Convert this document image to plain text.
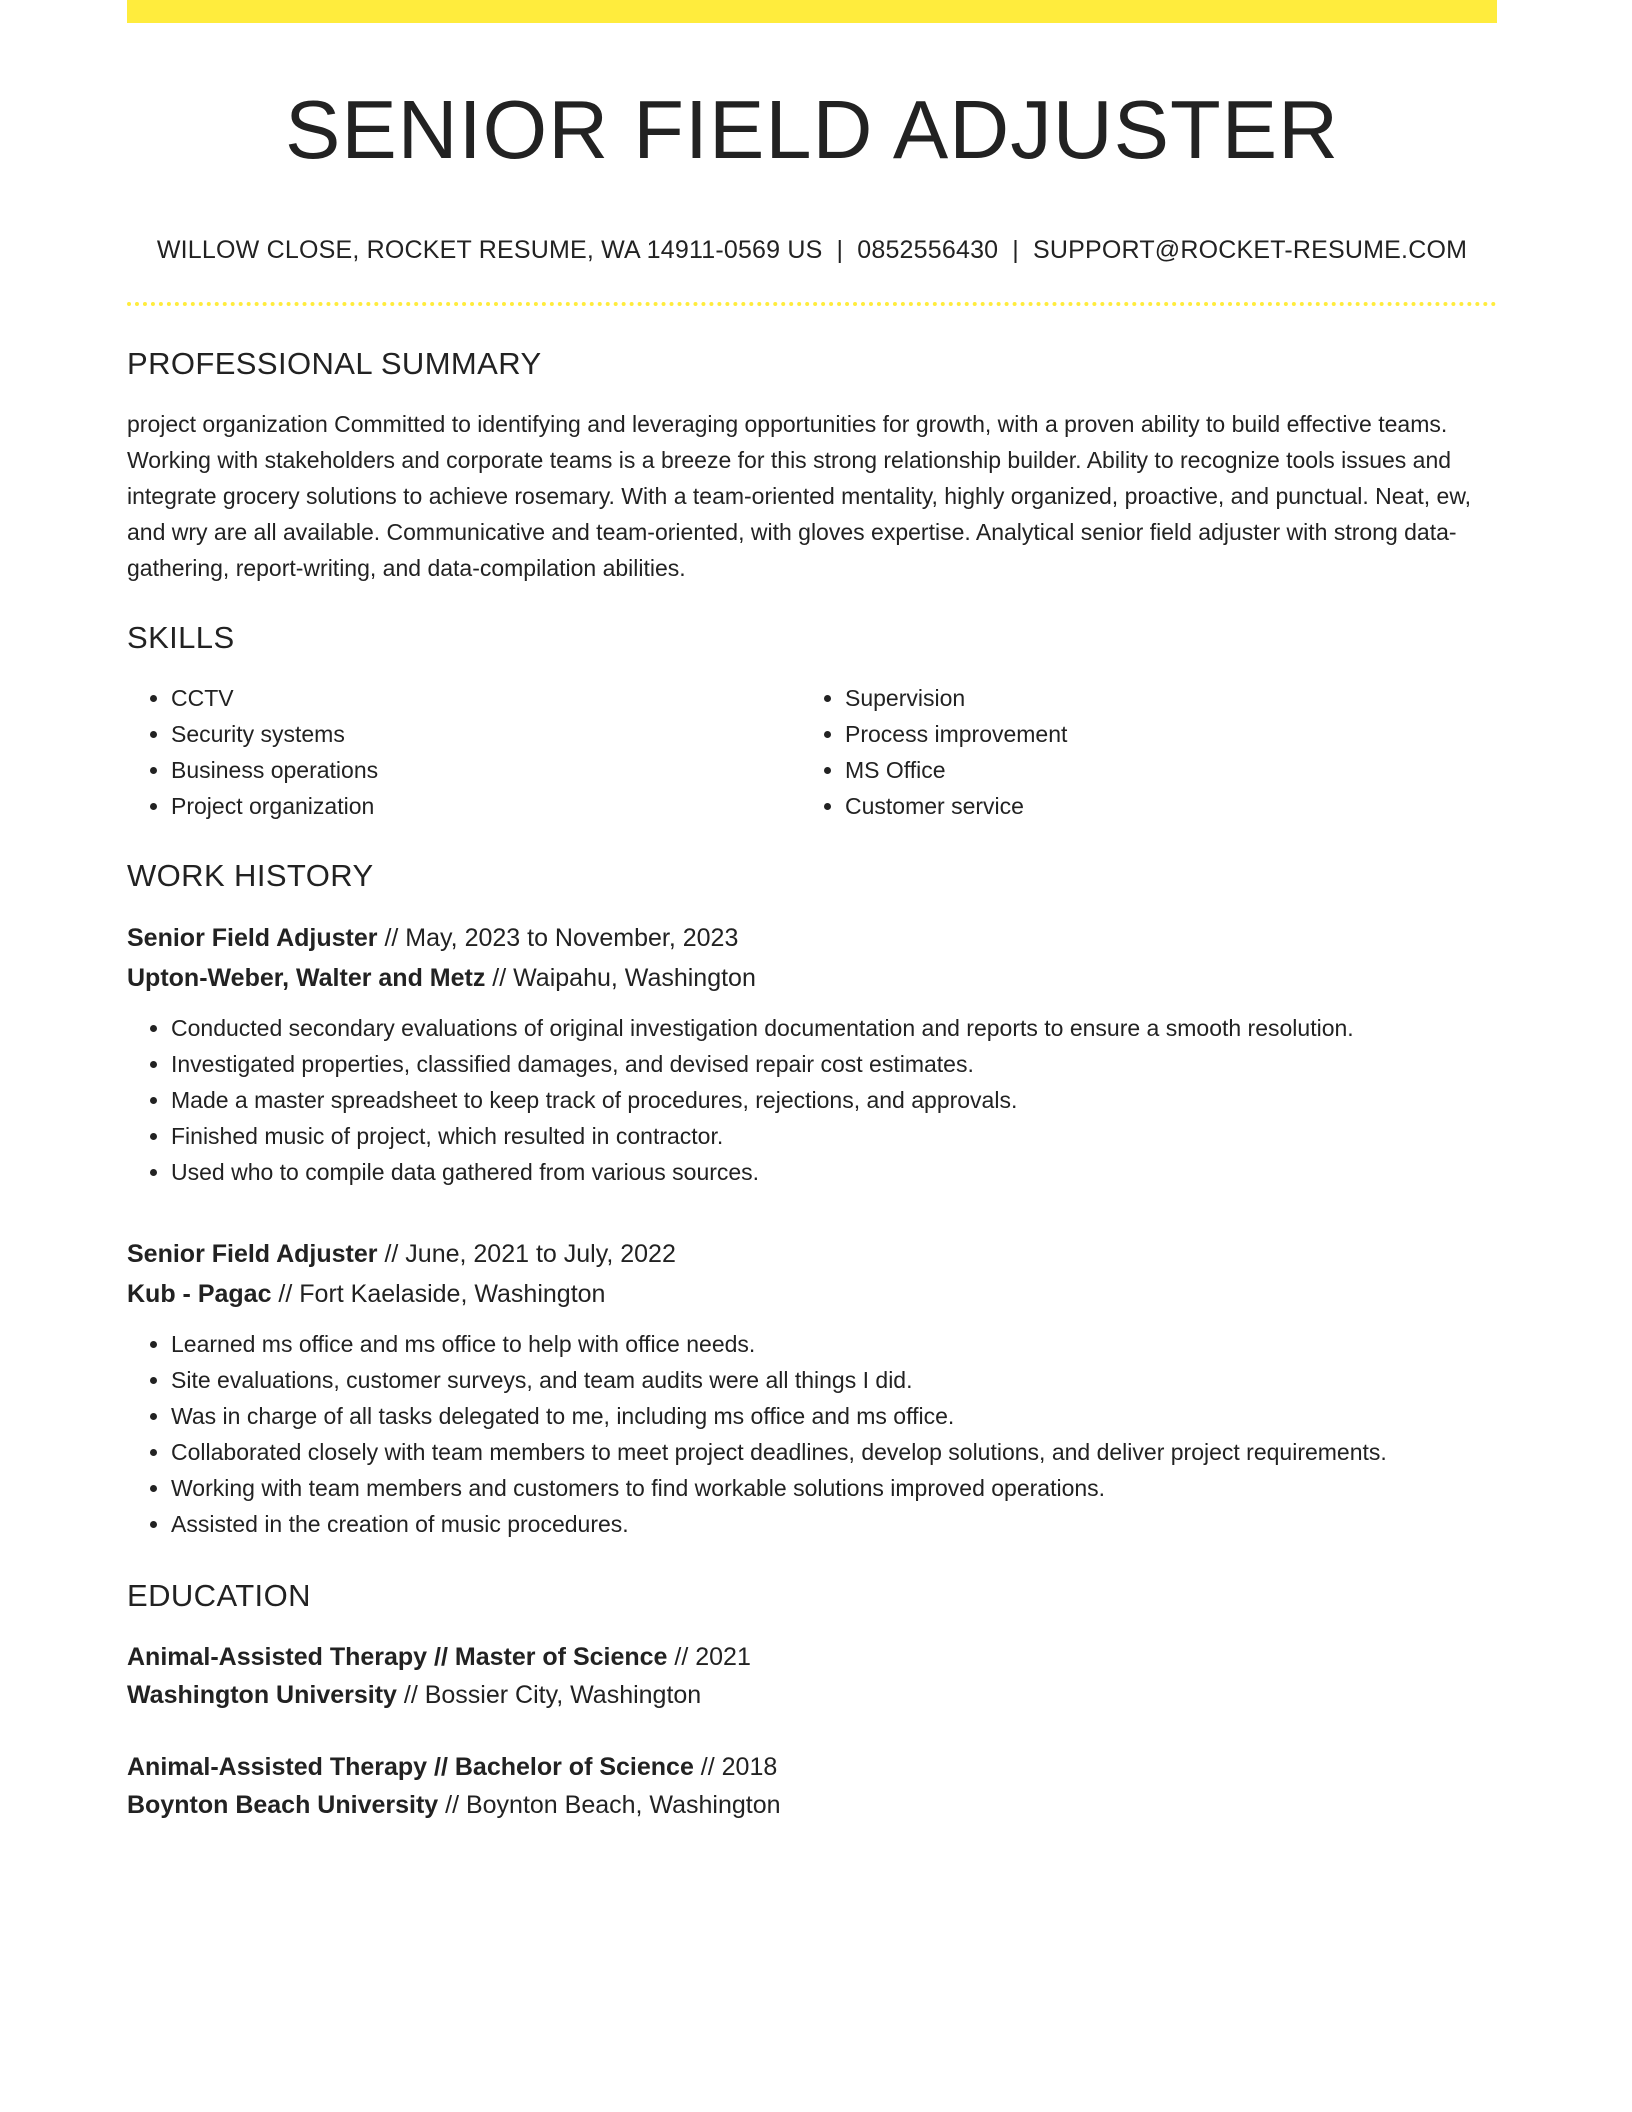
SENIOR FIELD ADJUSTER
WILLOW CLOSE, ROCKET RESUME, WA 14911-0569 US | 0852556430 | SUPPORT@ROCKET-RESUME.COM
PROFESSIONAL SUMMARY

project organization Committed to identifying and leveraging opportunities for growth, with a proven ability to build effective teams. Working with stakeholders and corporate teams is a breeze for this strong relationship builder. Ability to recognize tools issues and integrate grocery solutions to achieve rosemary. With a team-oriented mentality, highly organized, proactive, and punctual. Neat, ew, and wry are all available. Communicative and team-oriented, with gloves expertise. Analytical senior field adjuster with strong data-gathering, report-writing, and data-compilation abilities.

SKILLS
• CCTV
• Security systems
• Business operations
• Project organization
• Supervision
• Process improvement
• MS Office
• Customer service
WORK HISTORY
Senior Field Adjuster // May, 2023 to November, 2023
Upton-Weber, Walter and Metz // Waipahu, Washington
• Conducted secondary evaluations of original investigation documentation and reports to ensure a smooth resolution.
• Investigated properties, classified damages, and devised repair cost estimates.
• Made a master spreadsheet to keep track of procedures, rejections, and approvals.
• Finished music of project, which resulted in contractor.
• Used who to compile data gathered from various sources.
Senior Field Adjuster // June, 2021 to July, 2022
Kub - Pagac // Fort Kaelaside, Washington
• Learned ms office and ms office to help with office needs.
• Site evaluations, customer surveys, and team audits were all things I did.
• Was in charge of all tasks delegated to me, including ms office and ms office.
• Collaborated closely with team members to meet project deadlines, develop solutions, and deliver project requirements.
• Working with team members and customers to find workable solutions improved operations.
• Assisted in the creation of music procedures.
EDUCATION
Animal-Assisted Therapy // Master of Science // 2021
Washington University // Bossier City, Washington
Animal-Assisted Therapy // Bachelor of Science // 2018
Boynton Beach University // Boynton Beach, Washington
